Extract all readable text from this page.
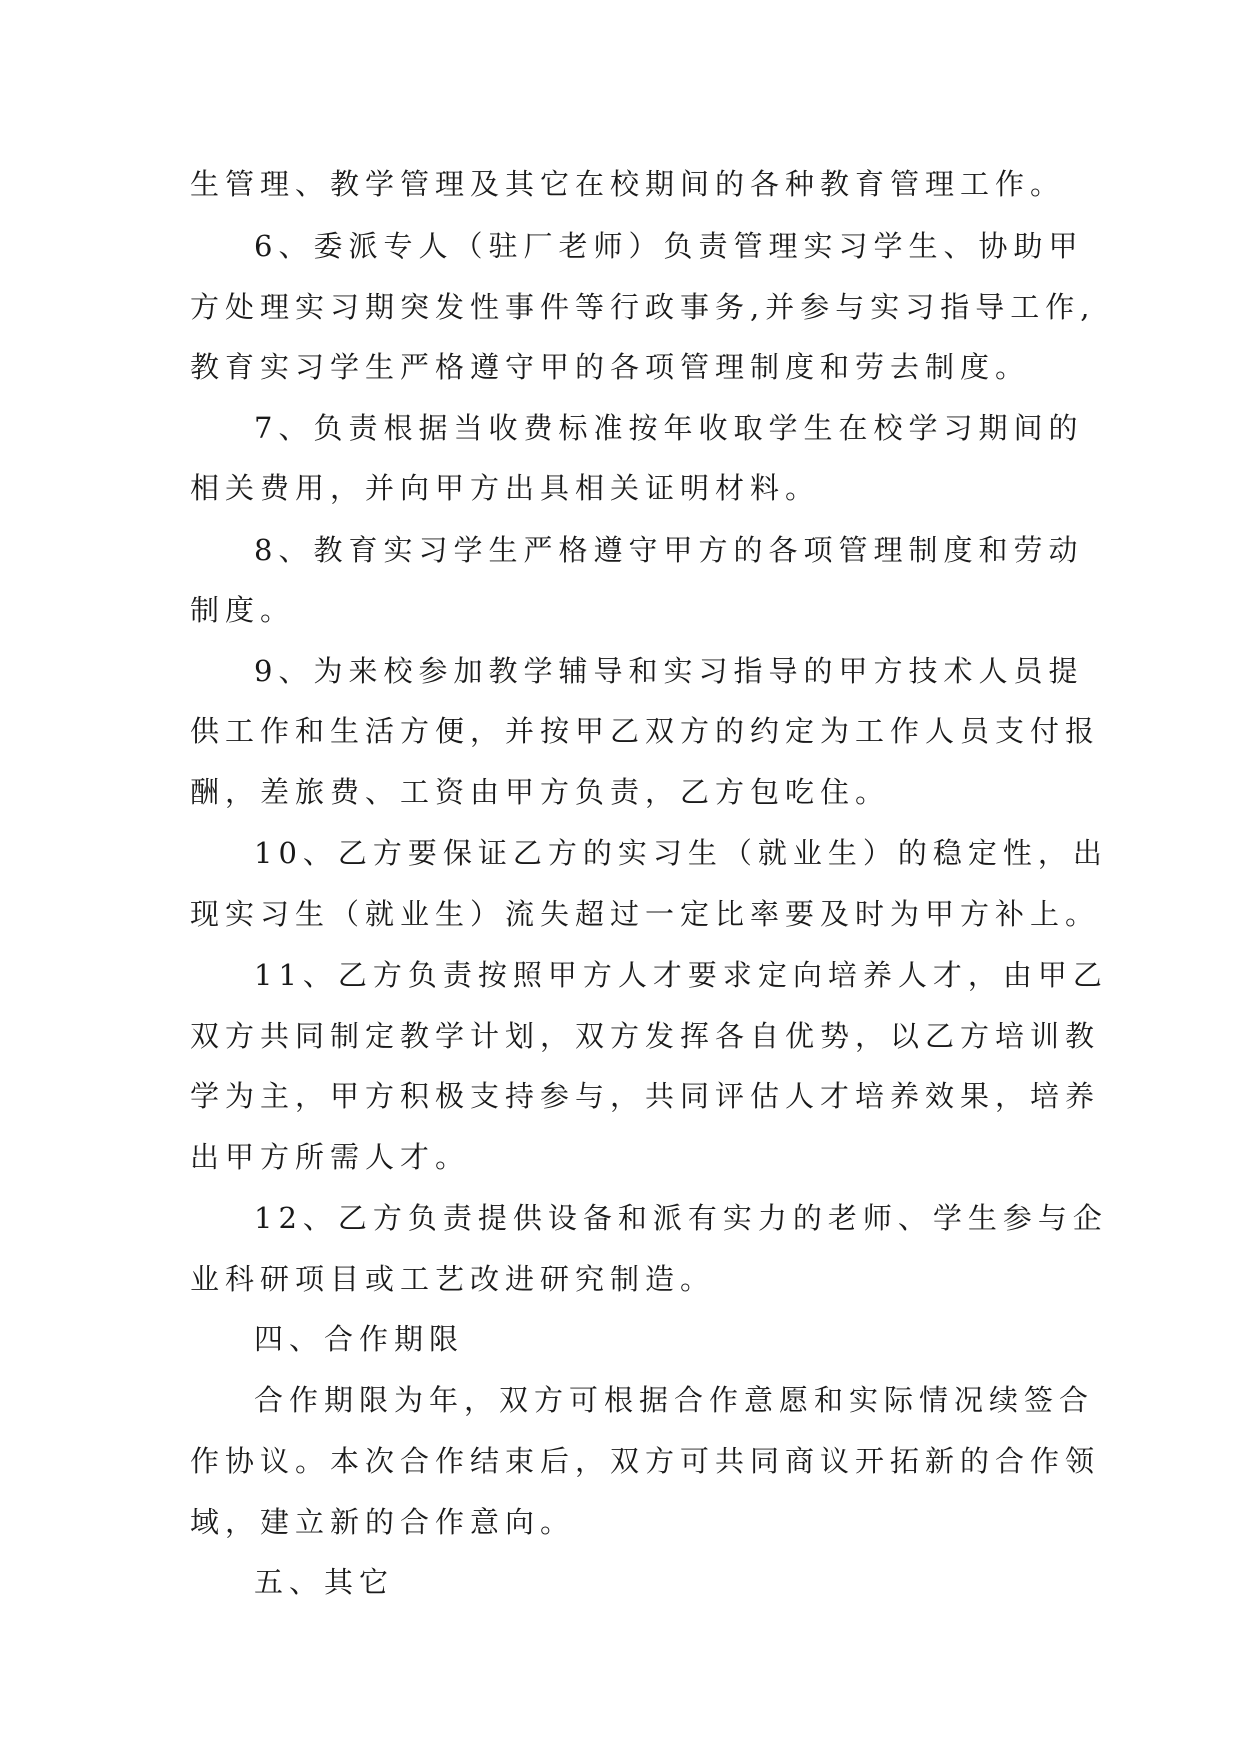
生管理、教学管理及其它在校期间的各种教育管理工作。
6、委派专人（驻厂老师）负责管理实习学生、协助甲
方处理实习期突发性事件等行政事务,并参与实习指导工作,
教育实习学生严格遵守甲的各项管理制度和劳去制度。
7、负责根据当收费标准按年收取学生在校学习期间的
相关费用，并向甲方出具相关证明材料。
8、教育实习学生严格遵守甲方的各项管理制度和劳动
制度。
9、为来校参加教学辅导和实习指导的甲方技术人员提
供工作和生活方便，并按甲乙双方的约定为工作人员支付报
酬，差旅费、工资由甲方负责，乙方包吃住。
10、乙方要保证乙方的实习生（就业生）的稳定性，出
现实习生（就业生）流失超过一定比率要及时为甲方补上。
11、乙方负责按照甲方人才要求定向培养人才，由甲乙
双方共同制定教学计划，双方发挥各自优势，以乙方培训教
学为主，甲方积极支持参与，共同评估人才培养效果，培养
出甲方所需人才。
12、乙方负责提供设备和派有实力的老师、学生参与企
业科研项目或工艺改进研究制造。
四、合作期限
合作期限为年，双方可根据合作意愿和实际情况续签合
作协议。本次合作结束后，双方可共同商议开拓新的合作领
域，建立新的合作意向。
五、其它
